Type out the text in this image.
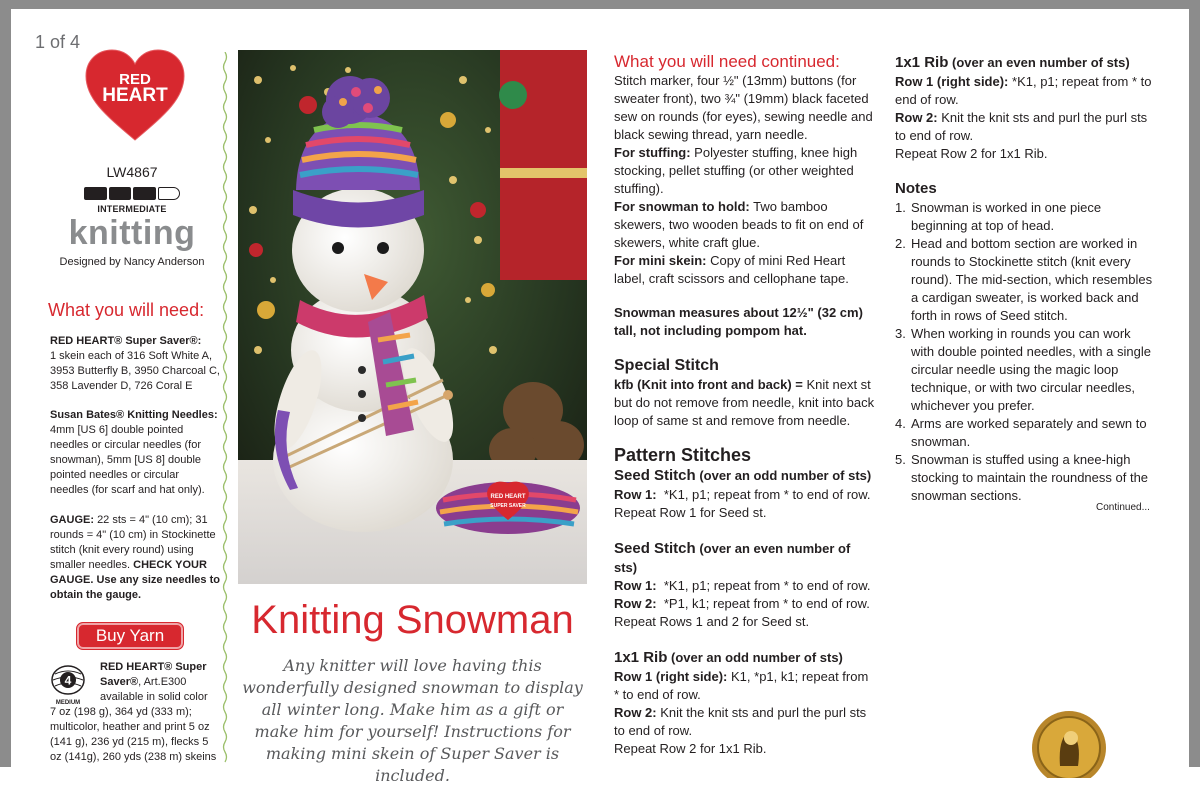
1 of 4
RED
HEART
LW4867
INTERMEDIATE
knitting
Designed by Nancy Anderson
What you will need:
RED HEART® Super Saver®:
1 skein each of 316 Soft White A, 3953 Butterfly B, 3950 Charcoal C, 358 Lavender D, 726 Coral E
Susan Bates® Knitting Needles:
4mm [US 6] double pointed needles or circular needles (for snowman), 5mm [US 8] double pointed needles or circular needles (for scarf and hat only).
GAUGE: 22 sts = 4" (10 cm); 31 rounds = 4" (10 cm) in Stockinette stitch (knit every round) using smaller needles. CHECK YOUR GAUGE. Use any size needles to obtain the gauge.
Buy Yarn
4
MEDIUM
RED HEART® Super Saver®, Art.E300 available in solid color
7 oz (198 g), 364 yd (333 m); multicolor, heather and print 5 oz (141 g), 236 yd (215 m), flecks 5 oz (141g), 260 yds (238 m) skeins
RED HEART
SUPER SAVER
Knitting Snowman
Any knitter will love having this wonderfully designed snowman to display all winter long. Make him as a gift or make him for yourself! Instructions for making mini skein of Super Saver is included.

What you will need continued:

Stitch marker, four ½" (13mm) buttons (for sweater front), two ¾" (19mm) black faceted sew on rounds (for eyes), sewing needle and black sewing thread, yarn needle.

For stuffing: Polyester stuffing, knee high stocking, pellet stuffing (or other weighted stuffing).

For snowman to hold: Two bamboo skewers, two wooden beads to fit on end of skewers, white craft glue.

For mini skein: Copy of mini Red Heart label, craft scissors and cellophane tape.

Snowman measures about 12½" (32 cm) tall, not including pompom hat.

Special Stitch

kfb (Knit into front and back) = Knit next st but do not remove from needle, knit into back loop of same st and remove from needle.

Pattern Stitches

Seed Stitch (over an odd number of sts)

Row 1: *K1, p1; repeat from * to end of row.

Repeat Row 1 for Seed st.

Seed Stitch (over an even number of sts)

Row 1: *K1, p1; repeat from * to end of row.

Row 2: *P1, k1; repeat from * to end of row.

Repeat Rows 1 and 2 for Seed st.

1x1 Rib (over an odd number of sts)

Row 1 (right side): K1, *p1, k1; repeat from * to end of row.

Row 2: Knit the knit sts and purl the purl sts to end of row.

Repeat Row 2 for 1x1 Rib.

1x1 Rib (over an even number of sts)

Row 1 (right side): *K1, p1; repeat from * to end of row.

Row 2: Knit the knit sts and purl the purl sts to end of row.

Repeat Row 2 for 1x1 Rib.

Notes

1. Snowman is worked in one piece beginning at top of head.
2. Head and bottom section are worked in rounds to Stockinette stitch (knit every round). The mid-section, which resembles a cardigan sweater, is worked back and forth in rows of Seed stitch.
3. When working in rounds you can work with double pointed needles, with a single circular needle using the magic loop technique, or with two circular needles, whichever you prefer.
4. Arms are worked separately and sewn to snowman.
5. Snowman is stuffed using a knee-high stocking to maintain the roundness of the snowman sections.
Continued...
